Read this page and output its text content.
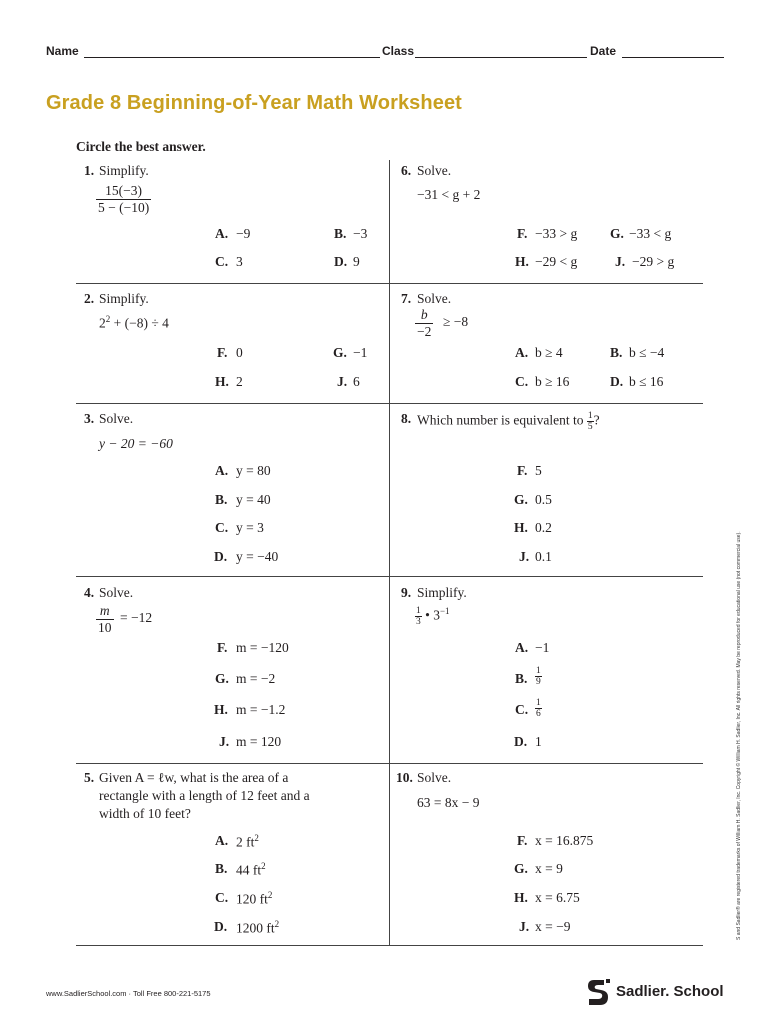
Name	Class	Date
Grade 8 Beginning-of-Year Math Worksheet
Circle the best answer.
1. Simplify.
$\frac{15(-3)}{5 - (-10)}$
A. −9	B. −3
C. 3	D. 9
2. Simplify.
$2^2 + (-8) \div 4$
F. 0	G. −1
H. 2	J. 6
3. Solve.
y − 20 = −60
A. y = 80
B. y = 40
C. y = 3
D. y = −40
4. Solve.
$\frac{m}{10} = -12$
F. m = −120
G. m = −2
H. m = −1.2
J. m = 120
5. Given A = ℓw, what is the area of a
rectangle with a length of 12 feet and a
width of 10 feet?
A. 2 $ft^2$
B. 44 $ft^2$
C. 120 $ft^2$
D. 1200 $ft^2$
6. Solve.
−31 < g + 2
F. −33 > g G. −33 < g
H. −29 < g	J. −29 > g
7. Solve.
$\frac{b}{-2} \ge -8$
A. b ≥ 4	B. b ≤ −4
C. b ≥ 16	D. b ≤ 16
8. Which number is equivalent to $\frac{1}{5}$ ?
F. 5
G. 0.5
H. 0.2
J. 0.1
9. Simplify.
$\frac{1}{3}$ • $3^{-1}$
A. −1
B. $\frac{1}{9}$
C. $\frac{1}{6}$
D. 1
10. Solve.
63 = 8x − 9
F. x = 16.875
G. x = 9
H. x = 6.75
J. x = −9	S and Sadlier® are registered trademarks of William H. Sadlier, Inc. Copyright © William H. Sadlier, Inc. All rights reserved. May be reproduced for educational use (not commercial use).
www.SadlierSchool.com · Toll Free 800-221-5175	Sadlier. School
